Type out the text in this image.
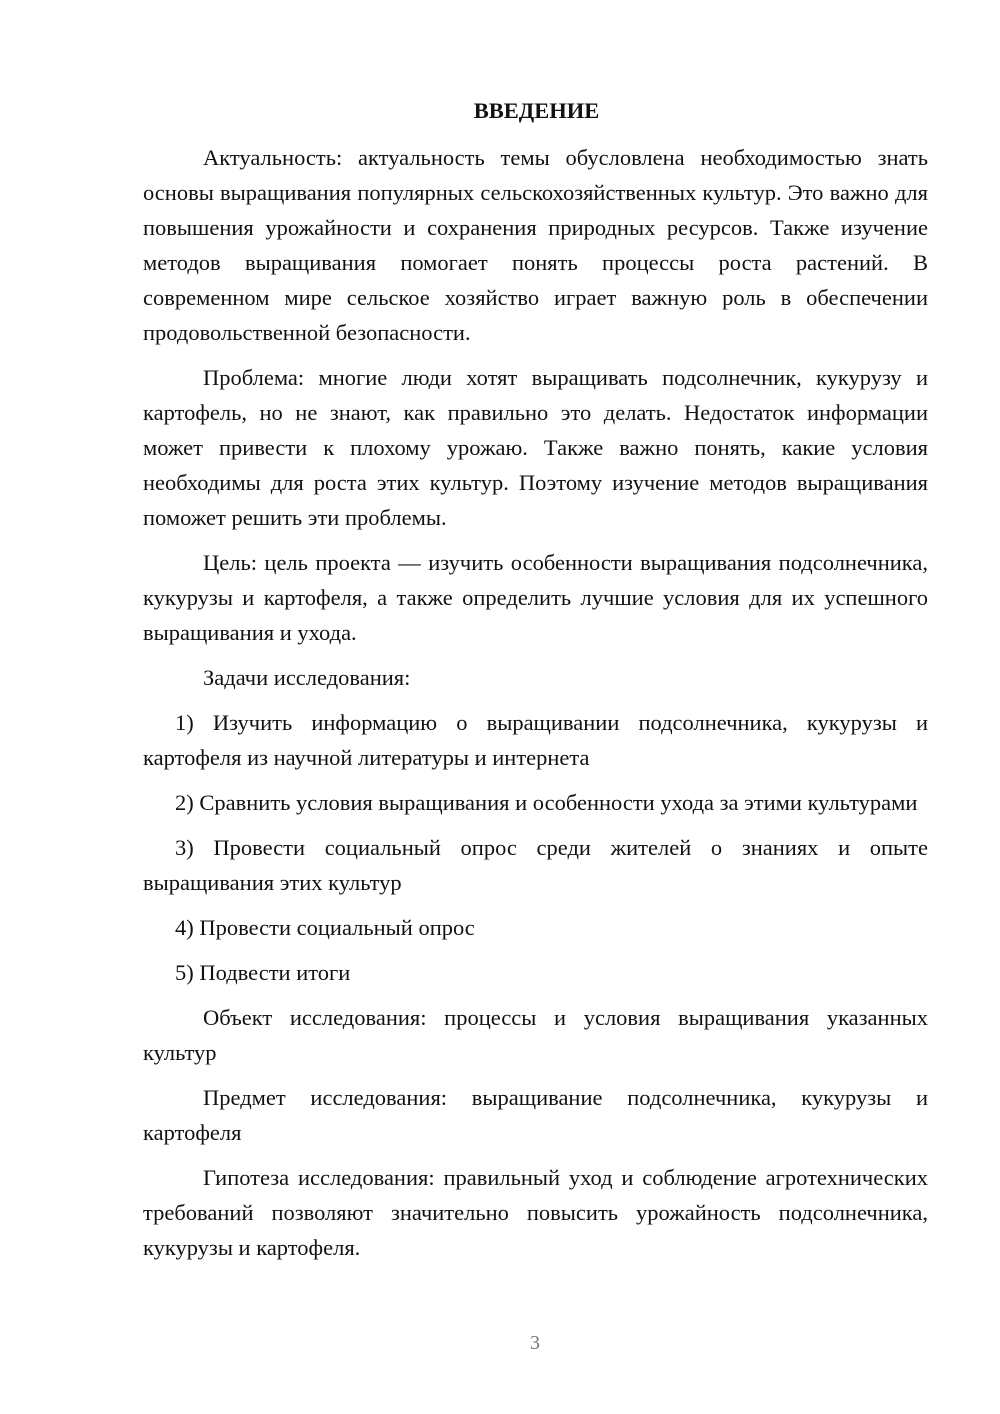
ВВЕДЕНИЕ

Актуальность: актуальность темы обусловлена необходимостью знать основы выращивания популярных сельскохозяйственных культур. Это важно для повышения урожайности и сохранения природных ресурсов. Также изучение методов выращивания помогает понять процессы роста растений. В современном мире сельское хозяйство играет важную роль в обеспечении продовольственной безопасности.

Проблема: многие люди хотят выращивать подсолнечник, кукурузу и картофель, но не знают, как правильно это делать. Недостаток информации может привести к плохому урожаю. Также важно понять, какие условия необходимы для роста этих культур. Поэтому изучение методов выращивания поможет решить эти проблемы.

Цель: цель проекта — изучить особенности выращивания подсолнечника, кукурузы и картофеля, а также определить лучшие условия для их успешного выращивания и ухода.

Задачи исследования:

1) Изучить информацию о выращивании подсолнечника, кукурузы и картофеля из научной литературы и интернета

2) Сравнить условия выращивания и особенности ухода за этими культурами

3) Провести социальный опрос среди жителей о знаниях и опыте выращивания этих культур

4) Провести социальный опрос

5) Подвести итоги

Объект исследования: процессы и условия выращивания указанных культур

Предмет исследования: выращивание подсолнечника, кукурузы и картофеля

Гипотеза исследования: правильный уход и соблюдение агротехнических требований позволяют значительно повысить урожайность подсолнечника, кукурузы и картофеля.

3
